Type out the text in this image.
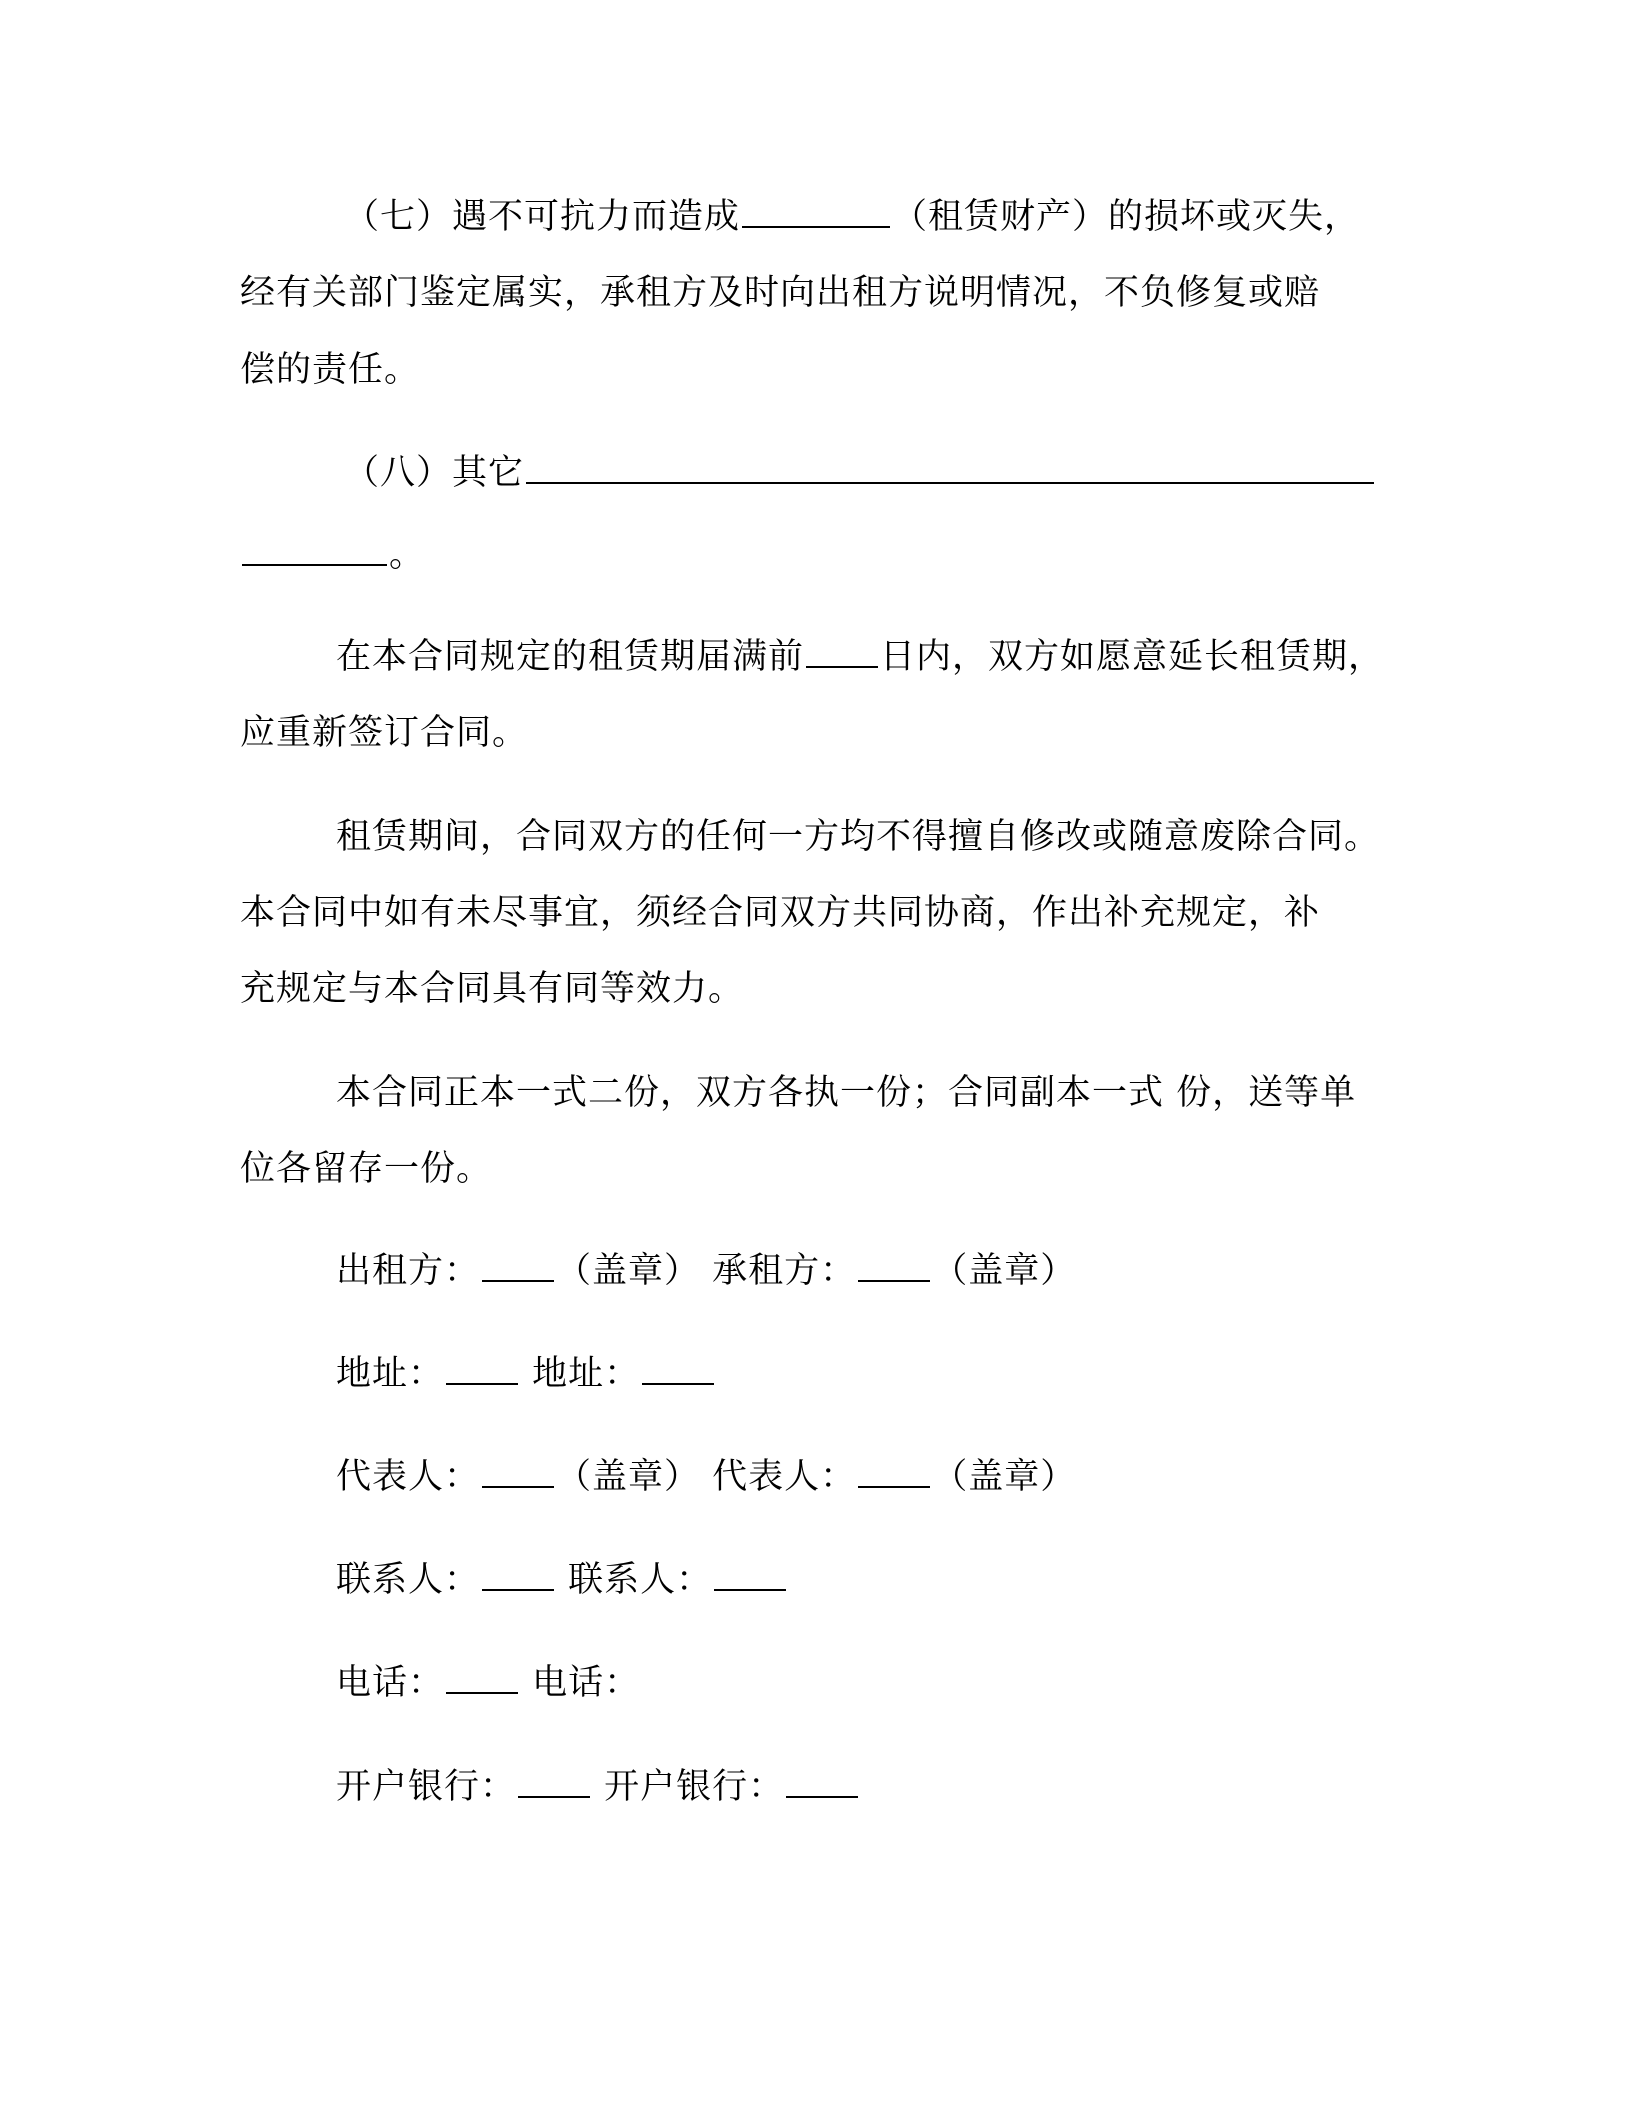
（七）遇不可抗力而造成	（租赁财产）的损坏或灭失，
经有关部门鉴定属实，承租方及时向出租方说明情况，不负修复或赔
偿的责任。
（八）其它
。
在本合同规定的租赁期届满前 日内，双方如愿意延长租赁期，
应重新签订合同。
租赁期间，合同双方的任何一方均不得擅自修改或随意废除合同。
本合同中如有未尽事宜，须经合同双方共同协商，作出补充规定，补
充规定与本合同具有同等效力。
本合同正本一式二份，双方各执一份；合同副本一式 份，送等单
位各留存一份。
出租方： （盖章） 承租方： （盖章）
地址：	地址：
代表人： （盖章） 代表人： （盖章）
联系人：	联系人：
电话：	电话：
开户银行：	开户银行：
